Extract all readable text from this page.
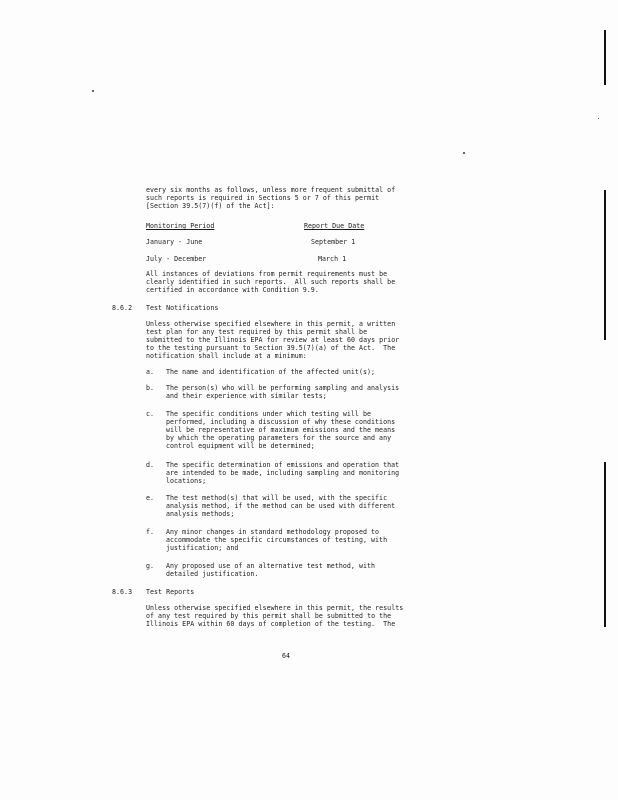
every six months as follows, unless more frequent submittal of
such reports is required in Sections 5 or 7 of this permit
[Section 39.5(7)(f) of the Act]:
Monitoring Period	Report Due Date
January - June	September 1
July - December	March 1
All instances of deviations from permit requirements must be
clearly identified in such reports.  All such reports shall be
certified in accordance with Condition 9.9.
8.6.2 Test Notifications
Unless otherwise specified elsewhere in this permit, a written
test plan for any test required by this permit shall be
submitted to the Illinois EPA for review at least 60 days prior
to the testing pursuant to Section 39.5(7)(a) of the Act.  The
notification shall include at a minimum:
a. The name and identification of the affected unit(s);
b. The person(s) who will be performing sampling and analysis
and their experience with similar tests;
c. The specific conditions under which testing will be
performed, including a discussion of why these conditions
will be representative of maximum emissions and the means
by which the operating parameters for the source and any
control equipment will be determined;
d. The specific determination of emissions and operation that
are intended to be made, including sampling and monitoring
locations;
e. The test method(s) that will be used, with the specific
analysis method, if the method can be used with different
analysis methods;
f. Any minor changes in standard methodology proposed to
accommodate the specific circumstances of testing, with
justification; and
g. Any proposed use of an alternative test method, with
detailed justification.
8.6.3 Test Reports
Unless otherwise specified elsewhere in this permit, the results
of any test required by this permit shall be submitted to the
Illinois EPA within 60 days of completion of the testing.  The
64
